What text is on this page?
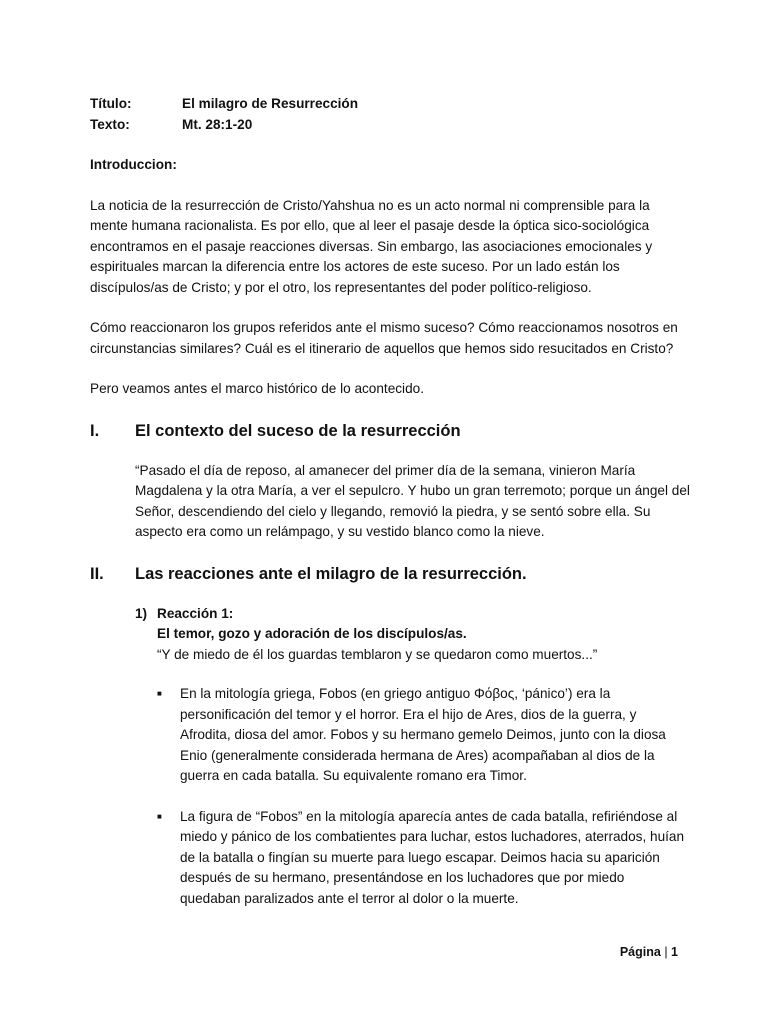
Título:	El milagro de Resurrección
Texto:	Mt. 28:1-20

Introduccion:

La noticia de la resurrección de Cristo/Yahshua no es un acto normal ni comprensible para la mente humana racionalista. Es por ello, que al leer el pasaje desde la óptica sico-sociológica encontramos en el pasaje reacciones diversas. Sin embargo, las asociaciones emocionales y espirituales marcan la diferencia entre los actores de este suceso. Por un lado están los discípulos/as de Cristo; y por el otro, los representantes del poder político-religioso.

Cómo reaccionaron los grupos referidos ante el mismo suceso? Cómo reaccionamos nosotros en circunstancias similares? Cuál es el itinerario de aquellos que hemos sido resucitados en Cristo?

Pero veamos antes el marco histórico de lo acontecido.

I.	El contexto del suceso de la resurrección

“Pasado el día de reposo, al amanecer del primer día de la semana, vinieron María Magdalena y la otra María, a ver el sepulcro. Y hubo un gran terremoto; porque un ángel del Señor, descendiendo del cielo y llegando, removió la piedra, y se sentó sobre ella. Su aspecto era como un relámpago, y su vestido blanco como la nieve.

II.	Las reacciones ante el milagro de la resurrección.
1) Reacción 1:
El temor, gozo y adoración de los discípulos/as.
“Y de miedo de él los guardas temblaron y se quedaron como muertos...”
■	En la mitología griega, Fobos (en griego antiguo Φόβος, ‘pánico’) era la personificación del temor y el horror. Era el hijo de Ares, dios de la guerra, y Afrodita, diosa del amor. Fobos y su hermano gemelo Deimos, junto con la diosa Enio (generalmente considerada hermana de Ares) acompañaban al dios de la guerra en cada batalla. Su equivalente romano era Timor.

■	La figura de “Fobos” en la mitología aparecía antes de cada batalla, refiriéndose al miedo y pánico de los combatientes para luchar, estos luchadores, aterrados, huían de la batalla o fingían su muerte para luego escapar. Deimos hacia su aparición después de su hermano, presentándose en los luchadores que por miedo quedaban paralizados ante el terror al dolor o la muerte.

Página | 1
